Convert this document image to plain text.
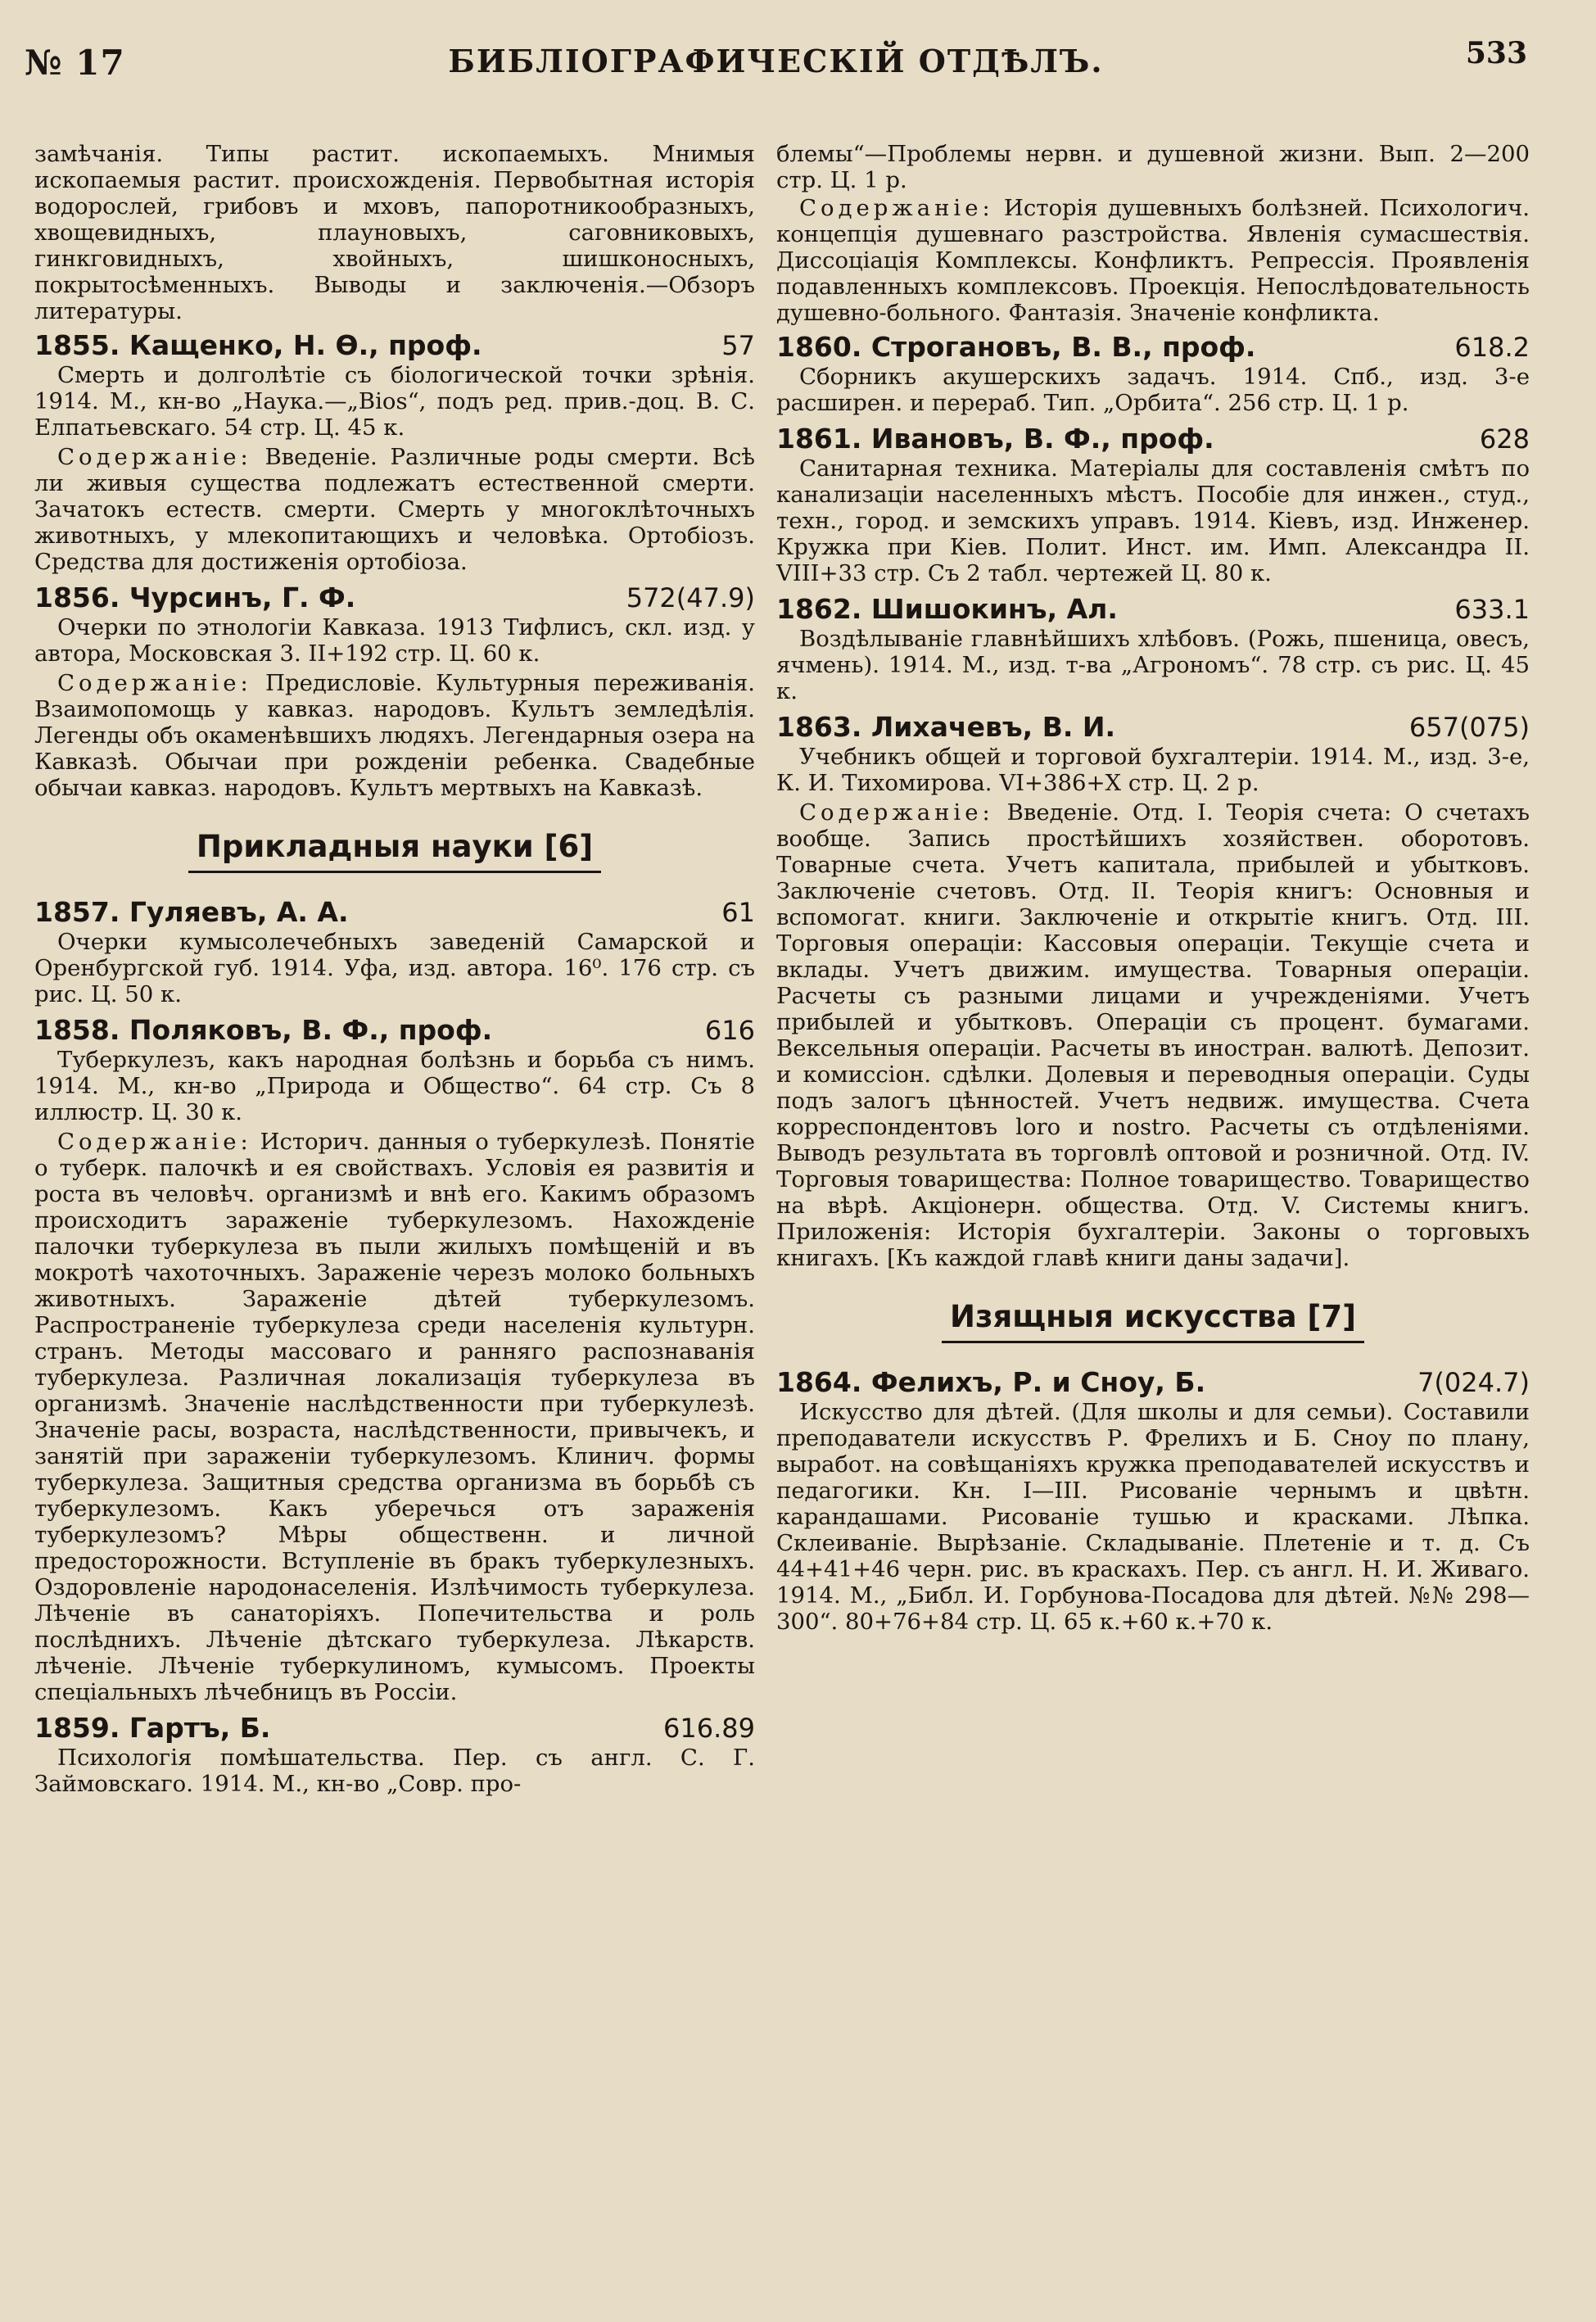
№ 17	БИБЛІОГРАФИЧЕСКІЙ ОТДѢЛЪ.	533

замѣчанія. Типы растит. ископаемыхъ. Мнимыя ископаемыя растит. происхожденія. Первобытная исторія водорослей, грибовъ и мховъ, папоротникообразныхъ, хвощевидныхъ, плауновыхъ, саговниковыхъ, гинкговидныхъ, хвойныхъ, шишконосныхъ, покрытосѣменныхъ. Выводы и заключенія.—Обзоръ литературы.

1855. Кащенко, Н. Ѳ., проф.	57

Смерть и долголѣтіе съ біологической точки зрѣнія. 1914. М., кн-во „Наука.—„Bios“, подъ ред. прив.-доц. В. С. Елпатьевскаго. 54 стр. Ц. 45 к.

Содержаніе: Введеніе. Различные роды смерти. Всѣ ли живыя существа подлежатъ естественной смерти. Зачатокъ естеств. смерти. Смерть у многоклѣточныхъ животныхъ, у млекопитающихъ и человѣка. Ортобіозъ. Средства для достиженія ортобіоза.

1856. Чурсинъ, Г. Ф.	572(47.9)

Очерки по этнологіи Кавказа. 1913 Тифлисъ, скл. изд. у автора, Московская 3. II+192 стр. Ц. 60 к.

Содержаніе: Предисловіе. Культурныя переживанія. Взаимопомощь у кавказ. народовъ. Культъ земледѣлія. Легенды объ окаменѣвшихъ людяхъ. Легендарныя озера на Кавказѣ. Обычаи при рожденіи ребенка. Свадебные обычаи кавказ. народовъ. Культъ мертвыхъ на Кавказѣ.

Прикладныя науки [6]
1857. Гуляевъ, А. А.	61

Очерки кумысолечебныхъ заведеній Самарской и Оренбургской губ. 1914. Уфа, изд. автора. 16⁰. 176 стр. съ рис. Ц. 50 к.

1858. Поляковъ, В. Ф., проф.	616

Туберкулезъ, какъ народная болѣзнь и борьба съ нимъ. 1914. М., кн-во „Природа и Общество“. 64 стр. Съ 8 иллюстр. Ц. 30 к.

Содержаніе: Историч. данныя о туберкулезѣ. Понятіе о туберк. палочкѣ и ея свойствахъ. Условія ея развитія и роста въ человѣч. организмѣ и внѣ его. Какимъ образомъ происходитъ зараженіе туберкулезомъ. Нахожденіе палочки туберкулеза въ пыли жилыхъ помѣщеній и въ мокротѣ чахоточныхъ. Зараженіе черезъ молоко больныхъ животныхъ. Зараженіе дѣтей туберкулезомъ. Распространеніе туберкулеза среди населенія культурн. странъ. Методы массоваго и ранняго распознаванія туберкулеза. Различная локализація туберкулеза въ организмѣ. Значеніе наслѣдственности при туберкулезѣ. Значеніе расы, возраста, наслѣдственности, привычекъ, и занятій при зараженіи туберкулезомъ. Клинич. формы туберкулеза. Защитныя средства организма въ борьбѣ съ туберкулезомъ. Какъ уберечься отъ зараженія туберкулезомъ? Мѣры общественн. и личной предосторожности. Вступленіе въ бракъ туберкулезныхъ. Оздоровленіе народонаселенія. Излѣчимость туберкулеза. Лѣченіе въ санаторіяхъ. Попечительства и роль послѣднихъ. Лѣченіе дѣтскаго туберкулеза. Лѣкарств. лѣченіе. Лѣченіе туберкулиномъ, кумысомъ. Проекты спеціальныхъ лѣчебницъ въ Россіи.

1859. Гартъ, Б.	616.89

Психологія помѣшательства. Пер. съ англ. С. Г. Займовскаго. 1914. М., кн-во „Совр. про-

блемы“—Проблемы нервн. и душевной жизни. Вып. 2—200 стр. Ц. 1 р.

Содержаніе: Исторія душевныхъ болѣзней. Психологич. концепція душевнаго разстройства. Явленія сумасшествія. Диссоціація Комплексы. Конфликтъ. Репрессія. Проявленія подавленныхъ комплексовъ. Проекція. Непослѣдовательность душевно-больного. Фантазія. Значеніе конфликта.

1860. Строгановъ, В. В., проф.	618.2

Сборникъ акушерскихъ задачъ. 1914. Спб., изд. 3-е расширен. и перераб. Тип. „Орбита“. 256 стр. Ц. 1 р.

1861. Ивановъ, В. Ф., проф.	628

Санитарная техника. Матеріалы для составленія смѣтъ по канализаціи населенныхъ мѣстъ. Пособіе для инжен., студ., техн., город. и земскихъ управъ. 1914. Кіевъ, изд. Инженер. Кружка при Кіев. Полит. Инст. им. Имп. Александра II. VIII+33 стр. Съ 2 табл. чертежей Ц. 80 к.

1862. Шишокинъ, Ал.	633.1

Воздѣлываніе главнѣйшихъ хлѣбовъ. (Рожь, пшеница, овесъ, ячмень). 1914. М., изд. т-ва „Агрономъ“. 78 стр. съ рис. Ц. 45 к.

1863. Лихачевъ, В. И.	657(075)

Учебникъ общей и торговой бухгалтеріи. 1914. М., изд. 3-е, К. И. Тихомирова. VI+386+X стр. Ц. 2 р.

Содержаніе: Введеніе. Отд. I. Теорія счета: О счетахъ вообще. Запись простѣйшихъ хозяйствен. оборотовъ. Товарные счета. Учетъ капитала, прибылей и убытковъ. Заключеніе счетовъ. Отд. II. Теорія книгъ: Основныя и вспомогат. книги. Заключеніе и открытіе книгъ. Отд. III. Торговыя операціи: Кассовыя операціи. Текущіе счета и вклады. Учетъ движим. имущества. Товарныя операціи. Расчеты съ разными лицами и учрежденіями. Учетъ прибылей и убытковъ. Операціи съ процент. бумагами. Вексельныя операціи. Расчеты въ иностран. валютѣ. Депозит. и комиссіон. сдѣлки. Долевыя и переводныя операціи. Суды подъ залогъ цѣнностей. Учетъ недвиж. имущества. Счета корреспондентовъ loro и nostro. Расчеты съ отдѣленіями. Выводъ результата въ торговлѣ оптовой и розничной. Отд. IV. Торговыя товарищества: Полное товарищество. Товарищество на вѣрѣ. Акціонерн. общества. Отд. V. Системы книгъ. Приложенія: Исторія бухгалтеріи. Законы о торговыхъ книгахъ. [Къ каждой главѣ книги даны задачи].

Изящныя искусства [7]
1864. Фелихъ, Р. и Сноу, Б.	7(024.7)

Искусство для дѣтей. (Для школы и для семьи). Составили преподаватели искусствъ Р. Фрелихъ и Б. Сноу по плану, выработ. на совѣщаніяхъ кружка преподавателей искусствъ и педагогики. Кн. I—III. Рисованіе чернымъ и цвѣтн. карандашами. Рисованіе тушью и красками. Лѣпка. Склеиваніе. Вырѣзаніе. Складываніе. Плетеніе и т. д. Съ 44+41+46 черн. рис. въ краскахъ. Пер. съ англ. Н. И. Живаго. 1914. М., „Библ. И. Горбунова-Посадова для дѣтей. №№ 298—300“. 80+76+84 стр. Ц. 65 к.+60 к.+70 к.
